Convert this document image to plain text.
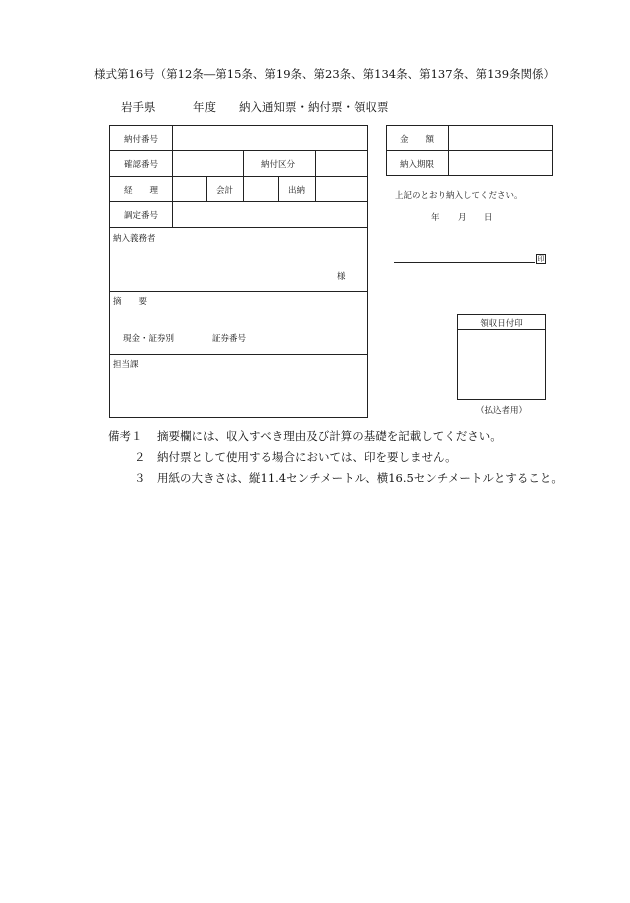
様式第16号（第12条―第15条、第19条、第23条、第134条、第137条、第139条関係）
岩手県	年度 納入通知票・納付票・領収票
納付番号
確認番号	納付区分
経　　理	会計	出納
調定番号
納入義務者
様
摘　　要
現金・証券別	証券番号
担当課
金　　額
納入期限
上記のとおり納入してください。
年 月 日
印
領収日付印
（払込者用）
備考１ 摘要欄には、収入すべき理由及び計算の基礎を記載してください。
２ 納付票として使用する場合においては、印を要しません。
３ 用紙の大きさは、縦11.4センチメートル、横16.5センチメートルとすること。
